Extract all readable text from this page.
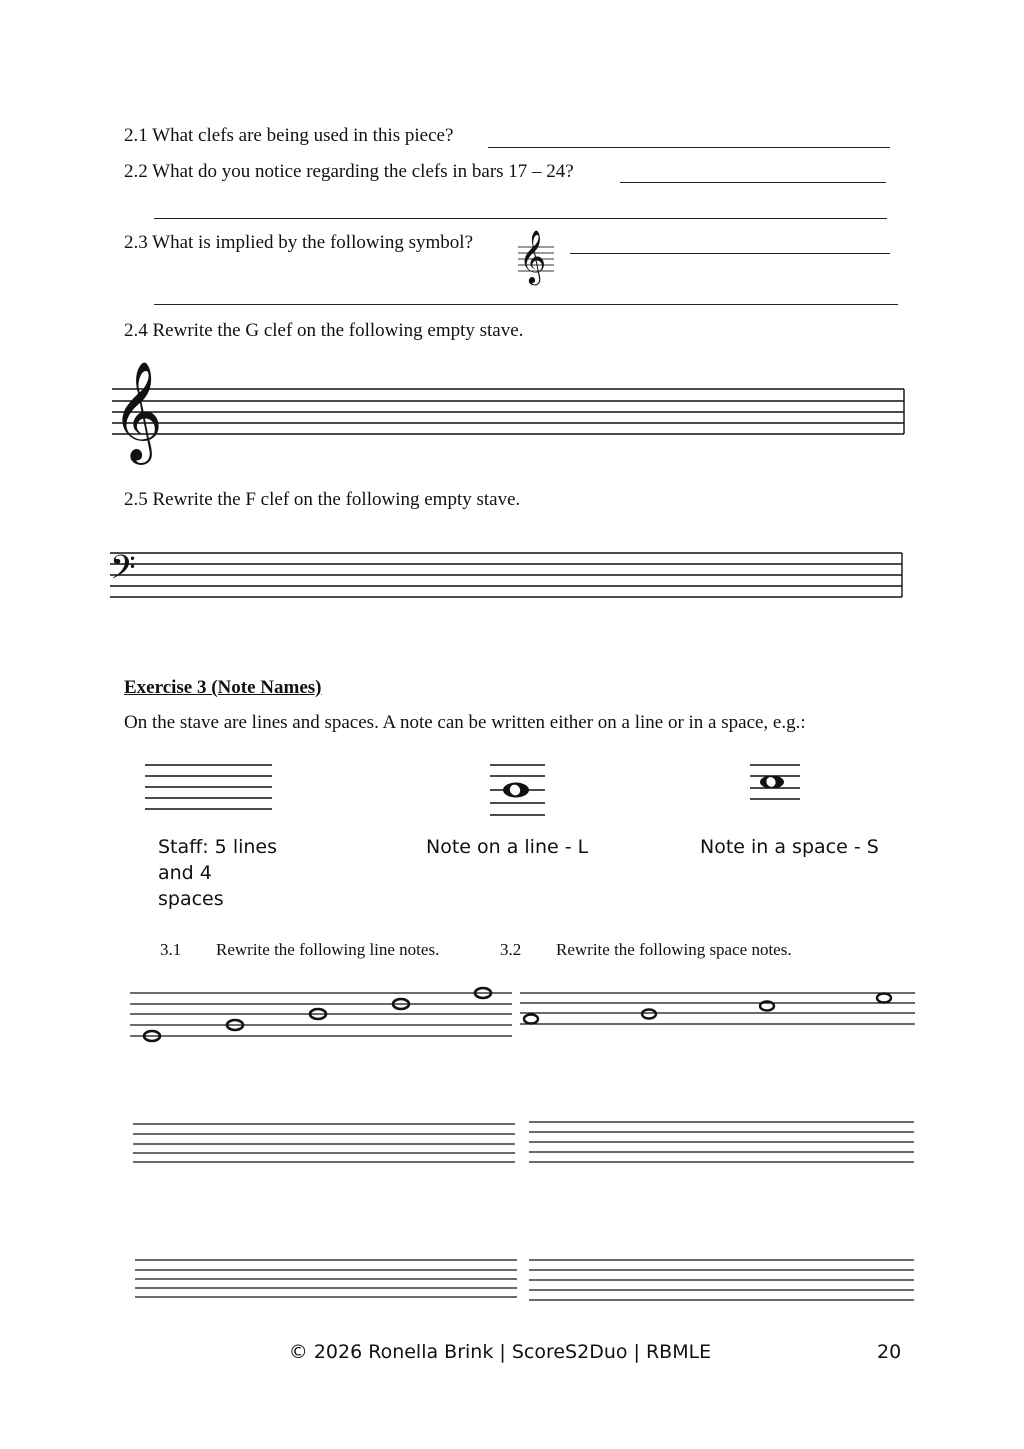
2.1 What clefs are being used in this piece?
2.2 What do you notice regarding the clefs in bars 17 – 24?
2.3 What is implied by the following symbol? 𝄞
2.4 Rewrite the G clef on the following empty stave.
𝄞
2.5 Rewrite the F clef on the following empty stave.
𝄢
Exercise 3 (Note Names)
On the stave are lines and spaces. A note can be written either on a line or in a space, e.g.:
Staff: 5 lines and 4 spaces
Note on a line - L	Note in a space - S
3.1 Rewrite the following line notes.	3.2 Rewrite the following space notes.
© 2026 Ronella Brink | ScoreS2Duo | RBMLE	20
